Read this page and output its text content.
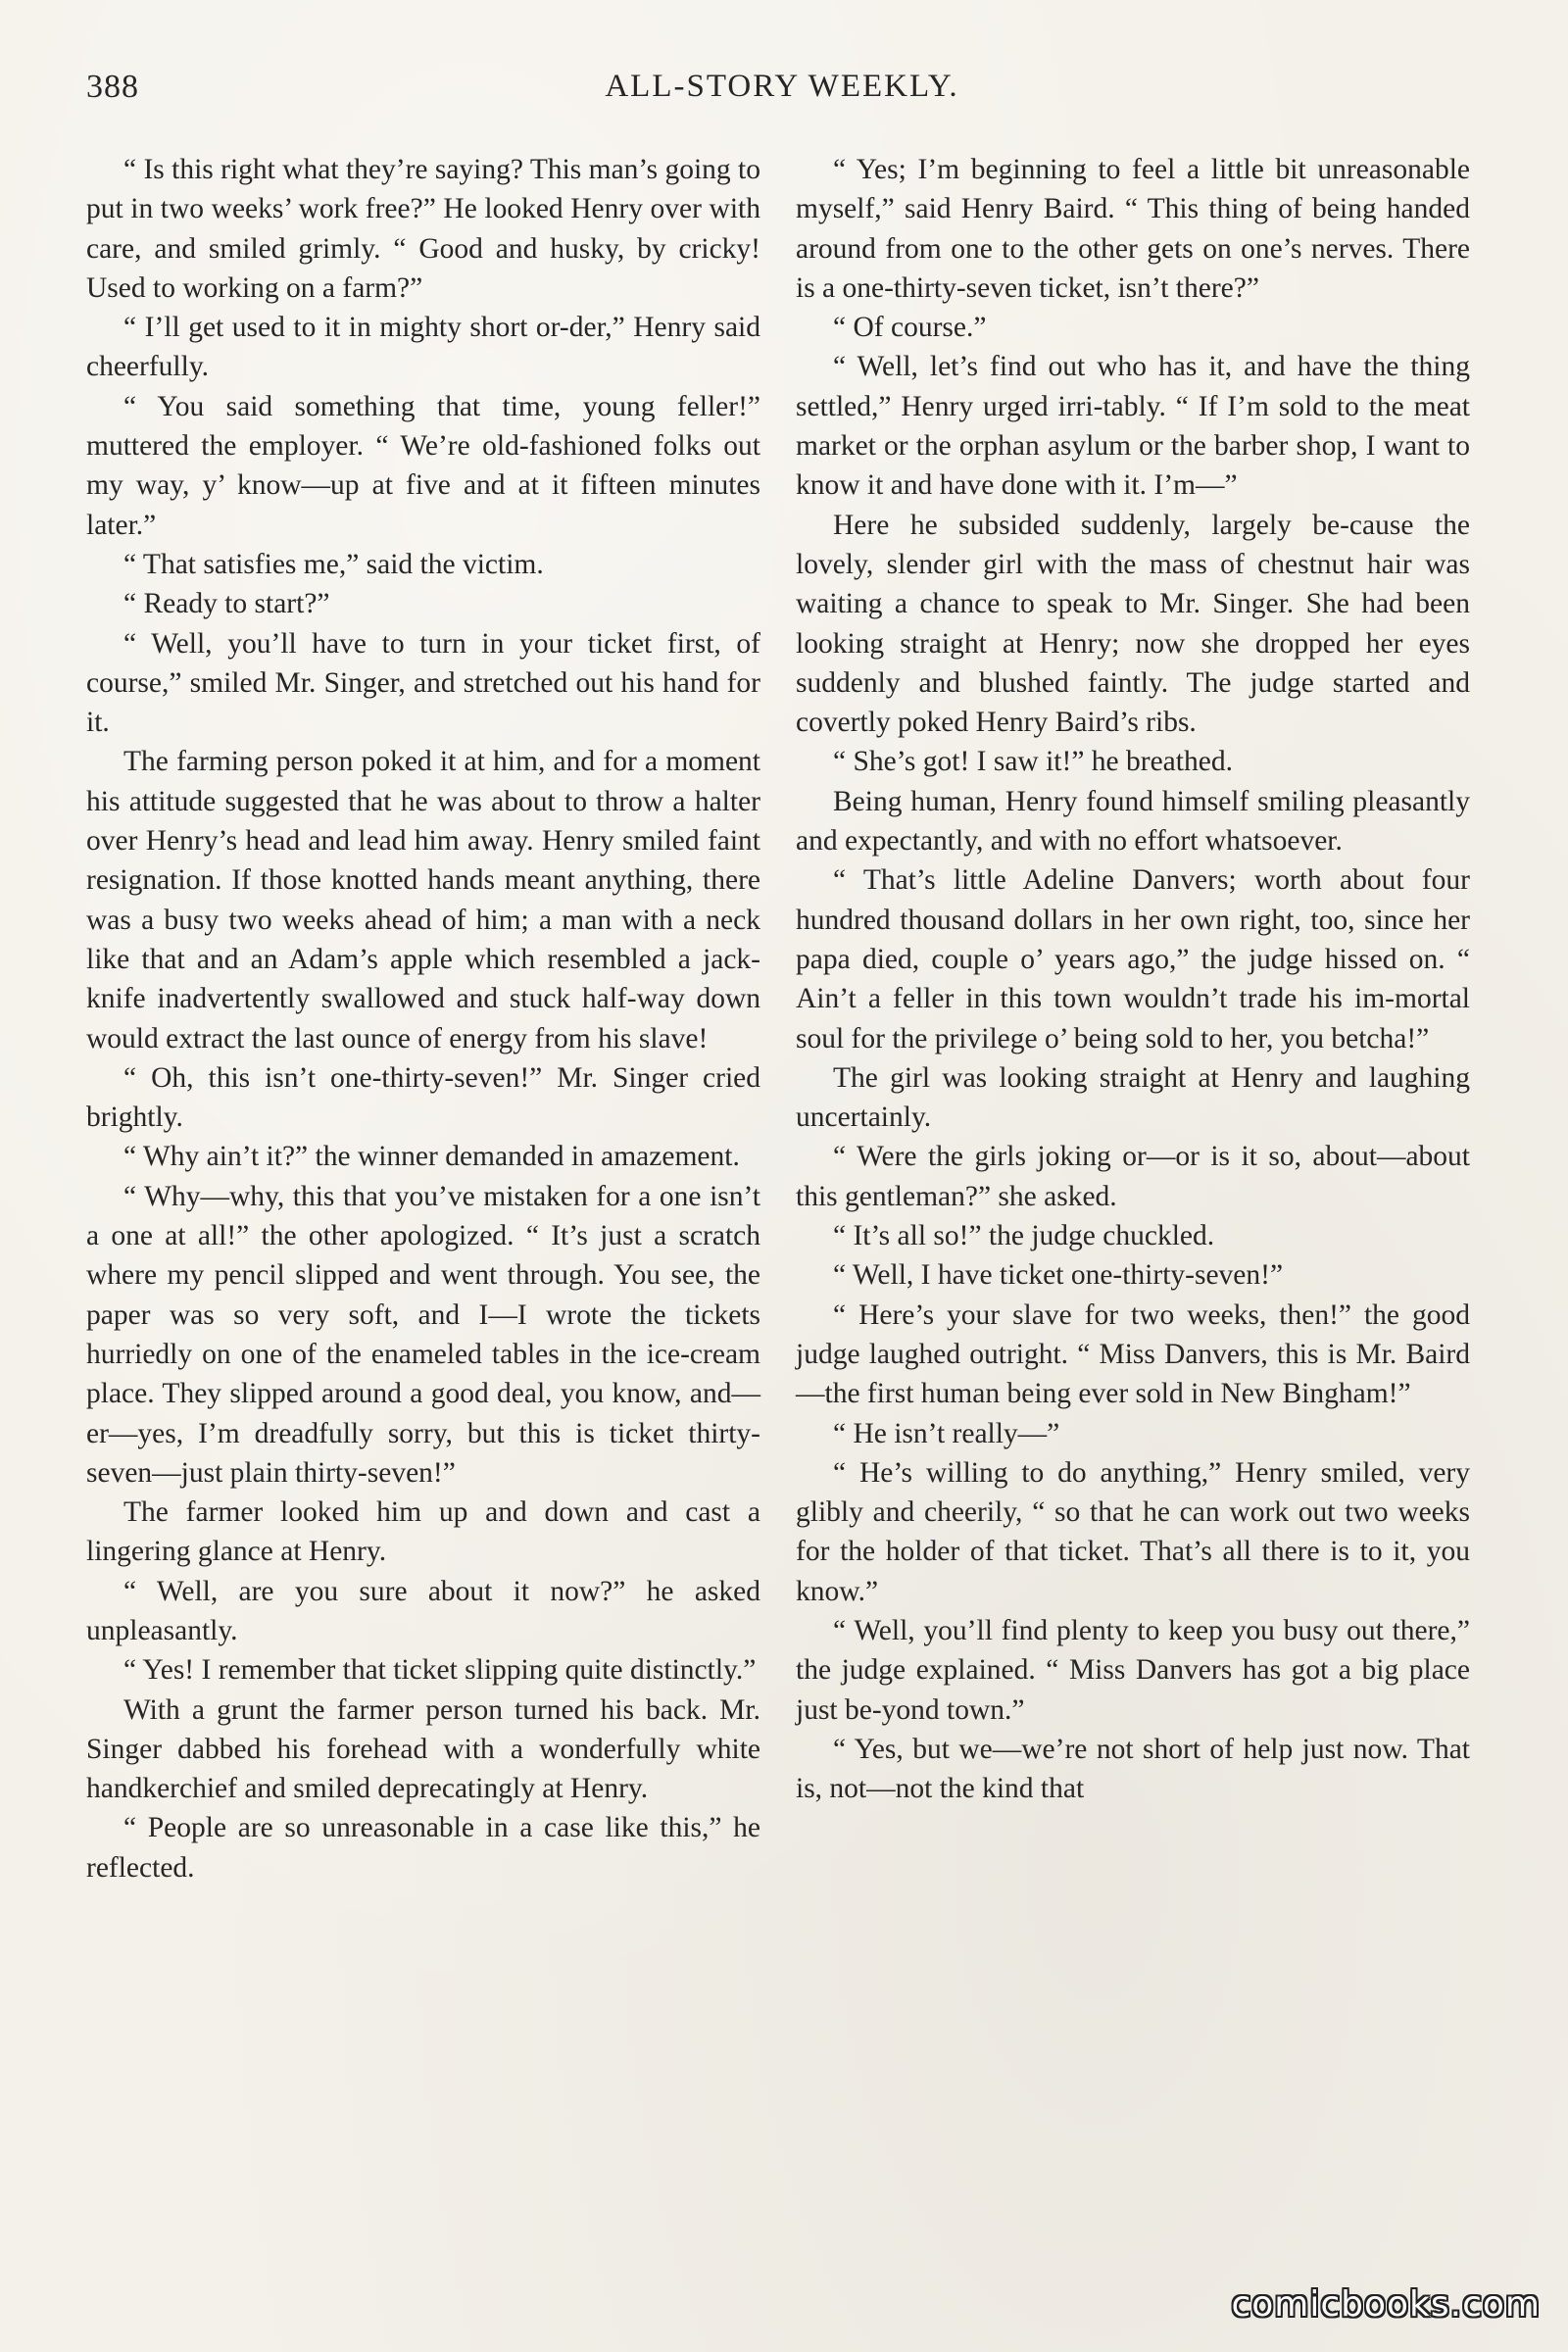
388	ALL-STORY WEEKLY.

“ Is this right what they’re saying? This man’s going to put in two weeks’ work free?” He looked Henry over with care, and smiled grimly. “ Good and husky, by cricky! Used to working on a farm?”

“ I’ll get used to it in mighty short or-der,” Henry said cheerfully.

“ You said something that time, young feller!” muttered the employer. “ We’re old-fashioned folks out my way, y’ know—up at five and at it fifteen minutes later.”

“ That satisfies me,” said the victim.

“ Ready to start?”

“ Well, you’ll have to turn in your ticket first, of course,” smiled Mr. Singer, and stretched out his hand for it.

The farming person poked it at him, and for a moment his attitude suggested that he was about to throw a halter over Henry’s head and lead him away. Henry smiled faint resignation. If those knotted hands meant anything, there was a busy two weeks ahead of him; a man with a neck like that and an Adam’s apple which resembled a jack-knife inadvertently swallowed and stuck half-way down would extract the last ounce of energy from his slave!

“ Oh, this isn’t one-thirty-seven!” Mr. Singer cried brightly.

“ Why ain’t it?” the winner demanded in amazement.

“ Why—why, this that you’ve mistaken for a one isn’t a one at all!” the other apologized. “ It’s just a scratch where my pencil slipped and went through. You see, the paper was so very soft, and I—I wrote the tickets hurriedly on one of the enameled tables in the ice-cream place. They slipped around a good deal, you know, and—er—yes, I’m dreadfully sorry, but this is ticket thirty-seven—just plain thirty-seven!”

The farmer looked him up and down and cast a lingering glance at Henry.

“ Well, are you sure about it now?” he asked unpleasantly.

“ Yes! I remember that ticket slipping quite distinctly.”

With a grunt the farmer person turned his back. Mr. Singer dabbed his forehead with a wonderfully white handkerchief and smiled deprecatingly at Henry.

“ People are so unreasonable in a case like this,” he reflected.

“ Yes; I’m beginning to feel a little bit unreasonable myself,” said Henry Baird. “ This thing of being handed around from one to the other gets on one’s nerves. There is a one-thirty-seven ticket, isn’t there?”

“ Of course.”

“ Well, let’s find out who has it, and have the thing settled,” Henry urged irri-tably. “ If I’m sold to the meat market or the orphan asylum or the barber shop, I want to know it and have done with it. I’m—”

Here he subsided suddenly, largely be-cause the lovely, slender girl with the mass of chestnut hair was waiting a chance to speak to Mr. Singer. She had been looking straight at Henry; now she dropped her eyes suddenly and blushed faintly. The judge started and covertly poked Henry Baird’s ribs.

“ She’s got! I saw it!” he breathed.

Being human, Henry found himself smiling pleasantly and expectantly, and with no effort whatsoever.

“ That’s little Adeline Danvers; worth about four hundred thousand dollars in her own right, too, since her papa died, couple o’ years ago,” the judge hissed on. “ Ain’t a feller in this town wouldn’t trade his im-mortal soul for the privilege o’ being sold to her, you betcha!”

The girl was looking straight at Henry and laughing uncertainly.

“ Were the girls joking or—or is it so, about—about this gentleman?” she asked.

“ It’s all so!” the judge chuckled.

“ Well, I have ticket one-thirty-seven!”

“ Here’s your slave for two weeks, then!” the good judge laughed outright. “ Miss Danvers, this is Mr. Baird—the first human being ever sold in New Bingham!”

“ He isn’t really—”

“ He’s willing to do anything,” Henry smiled, very glibly and cheerily, “ so that he can work out two weeks for the holder of that ticket. That’s all there is to it, you know.”

“ Well, you’ll find plenty to keep you busy out there,” the judge explained. “ Miss Danvers has got a big place just be-yond town.”

“ Yes, but we—we’re not short of help just now. That is, not—not the kind that

comicbooks.com
